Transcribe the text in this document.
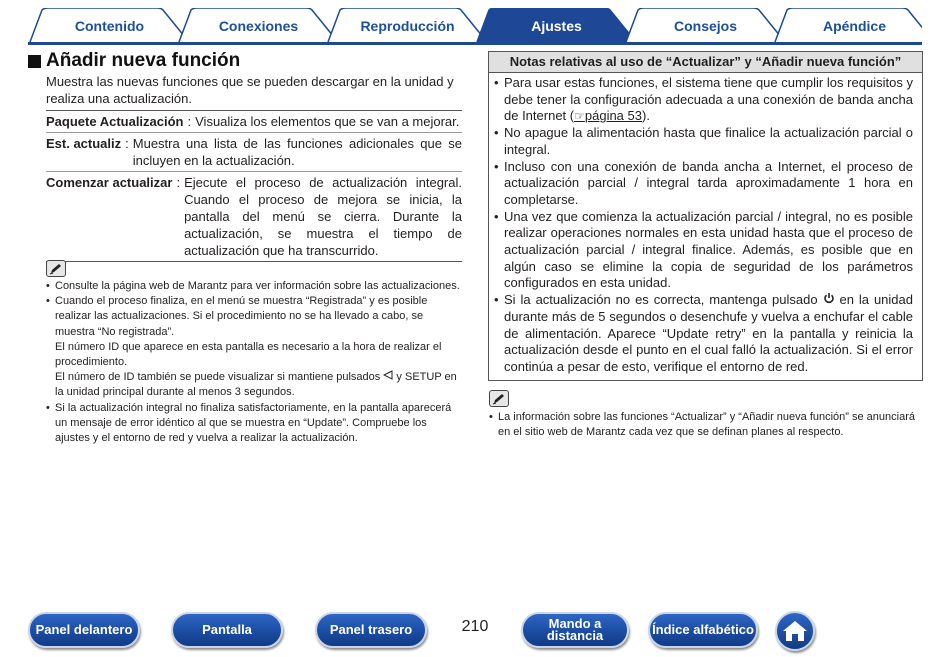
Contenido	Conexiones	Reproducción	Ajustes	Consejos	Apéndice
Añadir nueva función

Muestra las nuevas funciones que se pueden descargar en la unidad y realiza una actualización.

Paquete Actualización : Visualiza los elementos que se van a mejorar.
Est. actualiz : Muestra una lista de las funciones adicionales que se incluyen en la actualización.
Comenzar actualizar : Ejecute el proceso de actualización integral. Cuando el proceso de mejora se inicia, la pantalla del menú se cierra. Durante la actualización, se muestra el tiempo de actualización que ha transcurrido.
• Consulte la página web de Marantz para ver información sobre las actualizaciones.
• Cuando el proceso finaliza, en el menú se muestra “Registrada” y es posible realizar las actualizaciones. Si el procedimiento no se ha llevado a cabo, se muestra “No registrada”.
El número ID que aparece en esta pantalla es necesario a la hora de realizar el procedimiento.
El número de ID también se puede visualizar si mantiene pulsados y SETUP en la unidad principal durante al menos 3 segundos.
• Si la actualización integral no finaliza satisfactoriamente, en la pantalla aparecerá un mensaje de error idéntico al que se muestra en “Update”. Compruebe los ajustes y el entorno de red y vuelva a realizar la actualización.
Notas relativas al uso de “Actualizar” y “Añadir nueva función”
• Para usar estas funciones, el sistema tiene que cumplir los requisitos y debe tener la configuración adecuada a una conexión de banda ancha de Internet (☞página 53).
• No apague la alimentación hasta que finalice la actualización parcial o integral.
• Incluso con una conexión de banda ancha a Internet, el proceso de actualización parcial / integral tarda aproximadamente 1 hora en completarse.
• Una vez que comienza la actualización parcial / integral, no es posible realizar operaciones normales en esta unidad hasta que el proceso de actualización parcial / integral finalice. Además, es posible que en algún caso se elimine la copia de seguridad de los parámetros configurados en esta unidad.
• Si la actualización no es correcta, mantenga pulsado en la unidad durante más de 5 segundos o desenchufe y vuelva a enchufar el cable de alimentación. Aparece “Update retry” en la pantalla y reinicia la actualización desde el punto en el cual falló la actualización. Si el error continúa a pesar de esto, verifique el entorno de red.
• La información sobre las funciones “Actualizar” y “Añadir nueva función” se anunciará en el sitio web de Marantz cada vez que se definan planes al respecto.
Panel delantero	Pantalla	Panel trasero	210	Mando a
distancia	Índice alfabético
